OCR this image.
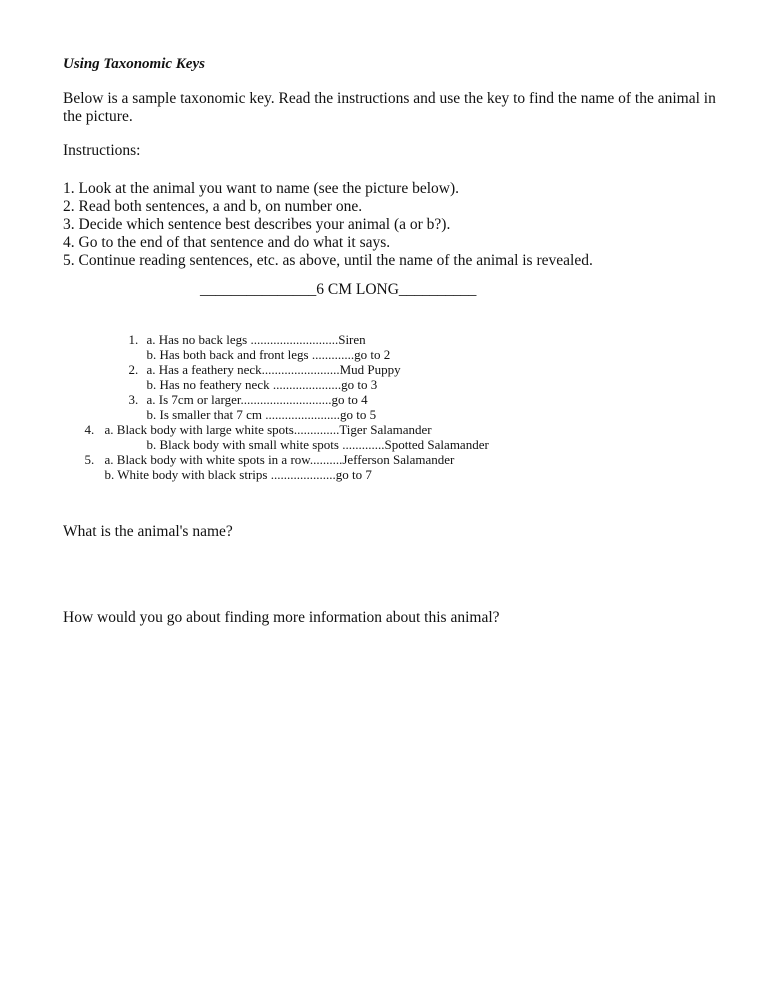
Using Taxonomic Keys
Below is a sample taxonomic key. Read the instructions and use the key to find the name of the animal in the picture.
Instructions:
1. Look at the animal you want to name (see the picture below).
2. Read both sentences, a and b, on number one.
3. Decide which sentence best describes your animal (a or b?).
4. Go to the end of that sentence and do what it says.
5. Continue reading sentences, etc. as above, until the name of the animal is revealed.
_______________6 CM LONG__________

1. a. Has no back legs ...........................Siren

b. Has both back and front legs .............go to 2

2. a. Has a feathery neck........................Mud Puppy

b. Has no feathery neck .....................go to 3

3. a. Is 7cm or larger............................go to 4

b. Is smaller that 7 cm .......................go to 5

4. a. Black body with large white spots..............Tiger Salamander

b. Black body with small white spots .............Spotted Salamander

5. a. Black body with white spots in a row..........Jefferson Salamander

b. White body with black strips ....................go to 7

What is the animal's name?
How would you go about finding more information about this animal?
